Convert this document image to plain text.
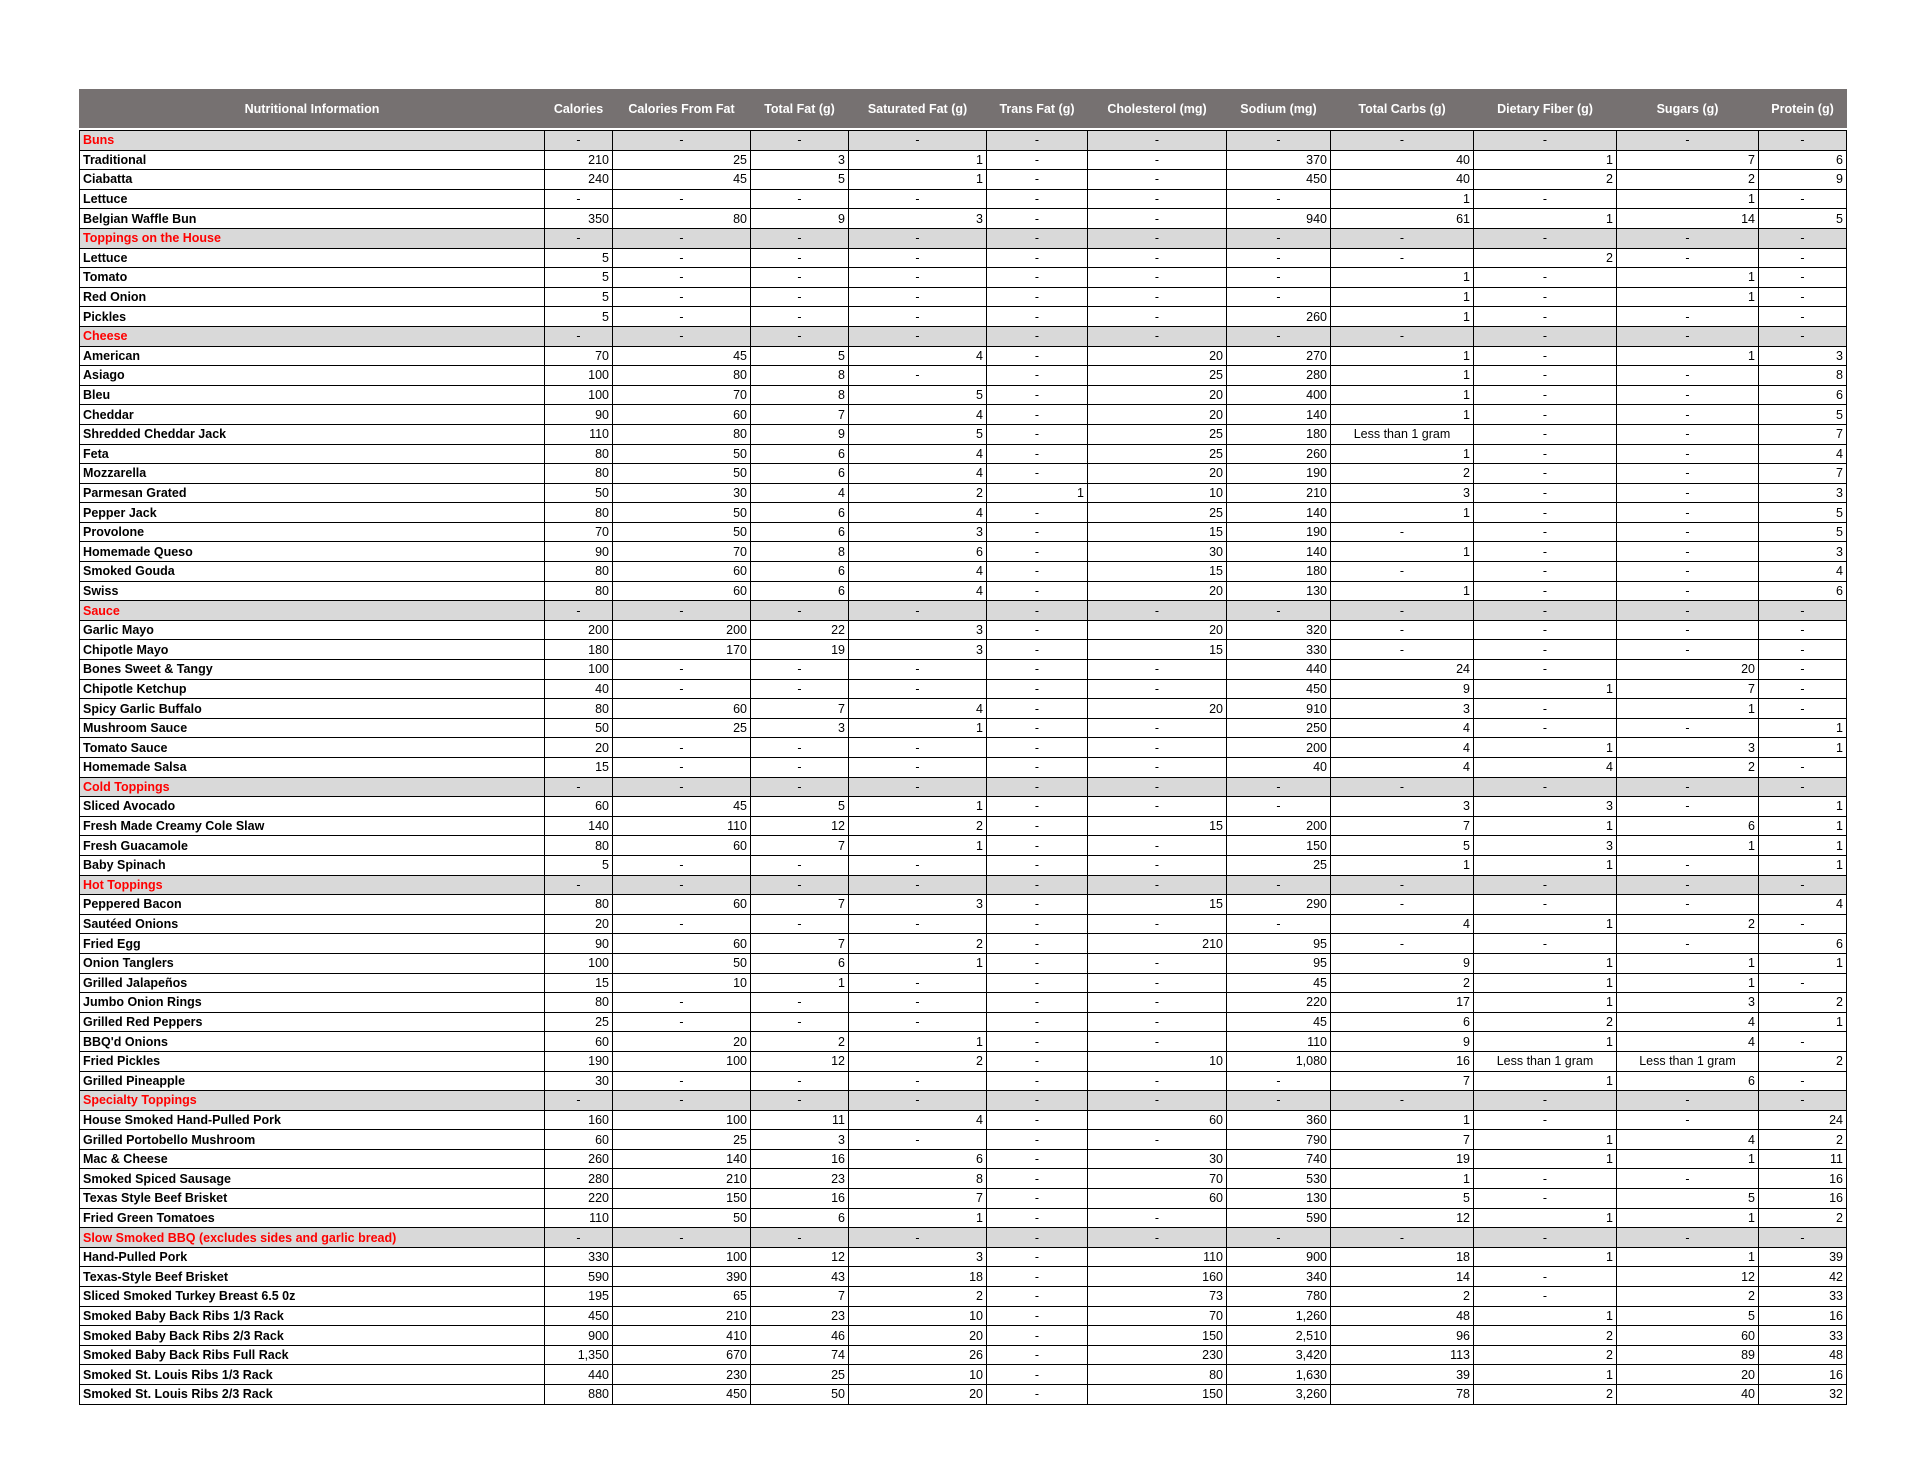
Nutritional Information	Calories	Calories From Fat	Total Fat (g)	Saturated Fat (g)	Trans Fat (g)	Cholesterol (mg)	Sodium (mg)	Total Carbs (g)	Dietary Fiber (g)	Sugars (g)	Protein (g)

Buns	-	-	-	-	-	-	-	-	-	-	-
Traditional	210	25	3	1	-	-	370	40	1	7	6
Ciabatta	240	45	5	1	-	-	450	40	2	2	9
Lettuce	-	-	-	-	-	-	-	1	-	1	-
Belgian Waffle Bun	350	80	9	3	-	-	940	61	1	14	5
Toppings on the House	-	-	-	-	-	-	-	-	-	-	-
Lettuce	5	-	-	-	-	-	-	-	2	-	-
Tomato	5	-	-	-	-	-	-	1	-	1	-
Red Onion	5	-	-	-	-	-	-	1	-	1	-
Pickles	5	-	-	-	-	-	260	1	-	-	-
Cheese	-	-	-	-	-	-	-	-	-	-	-
American	70	45	5	4	-	20	270	1	-	1	3
Asiago	100	80	8	-	-	25	280	1	-	-	8
Bleu	100	70	8	5	-	20	400	1	-	-	6
Cheddar	90	60	7	4	-	20	140	1	-	-	5
Shredded Cheddar Jack	110	80	9	5	-	25	180	Less than 1 gram	-	-	7
Feta	80	50	6	4	-	25	260	1	-	-	4
Mozzarella	80	50	6	4	-	20	190	2	-	-	7
Parmesan Grated	50	30	4	2	1	10	210	3	-	-	3
Pepper Jack	80	50	6	4	-	25	140	1	-	-	5
Provolone	70	50	6	3	-	15	190	-	-	-	5
Homemade Queso	90	70	8	6	-	30	140	1	-	-	3
Smoked Gouda	80	60	6	4	-	15	180	-	-	-	4
Swiss	80	60	6	4	-	20	130	1	-	-	6
Sauce	-	-	-	-	-	-	-	-	-	-	-
Garlic Mayo	200	200	22	3	-	20	320	-	-	-	-
Chipotle Mayo	180	170	19	3	-	15	330	-	-	-	-
Bones Sweet & Tangy	100	-	-	-	-	-	440	24	-	20	-
Chipotle Ketchup	40	-	-	-	-	-	450	9	1	7	-
Spicy Garlic Buffalo	80	60	7	4	-	20	910	3	-	1	-
Mushroom Sauce	50	25	3	1	-	-	250	4	-	-	1
Tomato Sauce	20	-	-	-	-	-	200	4	1	3	1
Homemade Salsa	15	-	-	-	-	-	40	4	4	2	-
Cold Toppings	-	-	-	-	-	-	-	-	-	-	-
Sliced Avocado	60	45	5	1	-	-	-	3	3	-	1
Fresh Made Creamy Cole Slaw	140	110	12	2	-	15	200	7	1	6	1
Fresh Guacamole	80	60	7	1	-	-	150	5	3	1	1
Baby Spinach	5	-	-	-	-	-	25	1	1	-	1
Hot Toppings	-	-	-	-	-	-	-	-	-	-	-
Peppered Bacon	80	60	7	3	-	15	290	-	-	-	4
Sautéed Onions	20	-	-	-	-	-	-	4	1	2	-
Fried Egg	90	60	7	2	-	210	95	-	-	-	6
Onion Tanglers	100	50	6	1	-	-	95	9	1	1	1
Grilled Jalapeños	15	10	1	-	-	-	45	2	1	1	-
Jumbo Onion Rings	80	-	-	-	-	-	220	17	1	3	2
Grilled Red Peppers	25	-	-	-	-	-	45	6	2	4	1
BBQ'd Onions	60	20	2	1	-	-	110	9	1	4	-
Fried Pickles	190	100	12	2	-	10	1,080	16	Less than 1 gram	Less than 1 gram	2
Grilled Pineapple	30	-	-	-	-	-	-	7	1	6	-
Specialty Toppings	-	-	-	-	-	-	-	-	-	-	-
House Smoked Hand-Pulled Pork	160	100	11	4	-	60	360	1	-	-	24
Grilled Portobello Mushroom	60	25	3	-	-	-	790	7	1	4	2
Mac & Cheese	260	140	16	6	-	30	740	19	1	1	11
Smoked Spiced Sausage	280	210	23	8	-	70	530	1	-	-	16
Texas Style Beef Brisket	220	150	16	7	-	60	130	5	-	5	16
Fried Green Tomatoes	110	50	6	1	-	-	590	12	1	1	2
Slow Smoked BBQ (excludes sides and garlic bread)	-	-	-	-	-	-	-	-	-	-	-
Hand-Pulled Pork	330	100	12	3	-	110	900	18	1	1	39
Texas-Style Beef Brisket	590	390	43	18	-	160	340	14	-	12	42
Sliced Smoked Turkey Breast 6.5 0z	195	65	7	2	-	73	780	2	-	2	33
Smoked Baby Back Ribs 1/3 Rack	450	210	23	10	-	70	1,260	48	1	5	16
Smoked Baby Back Ribs 2/3 Rack	900	410	46	20	-	150	2,510	96	2	60	33
Smoked Baby Back Ribs Full Rack	1,350	670	74	26	-	230	3,420	113	2	89	48
Smoked St. Louis Ribs 1/3 Rack	440	230	25	10	-	80	1,630	39	1	20	16
Smoked St. Louis Ribs 2/3 Rack	880	450	50	20	-	150	3,260	78	2	40	32
